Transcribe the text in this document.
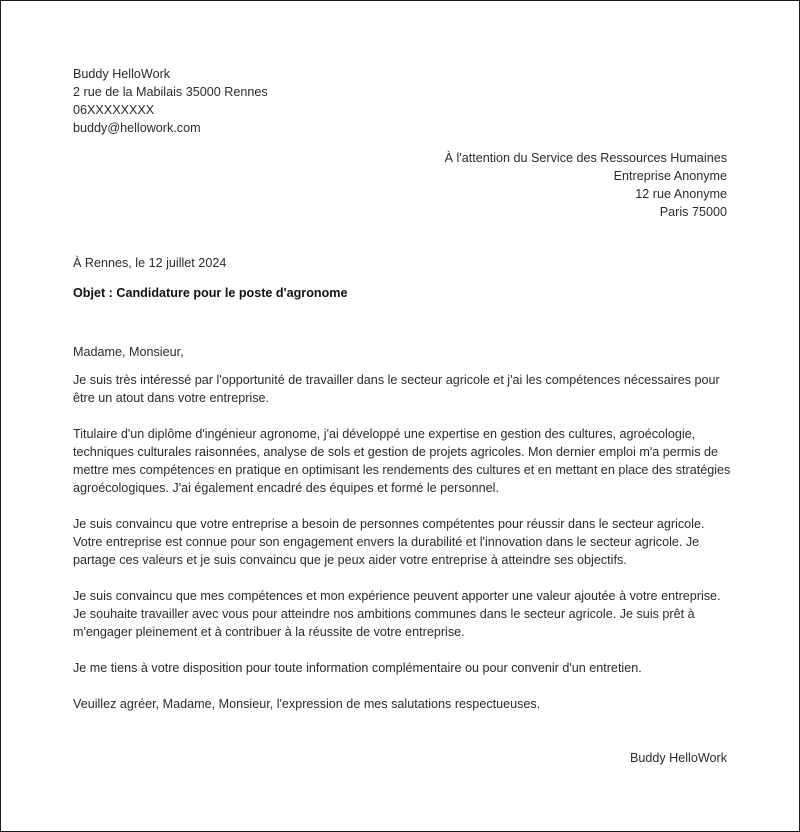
Buddy HelloWork
2 rue de la Mabilais 35000 Rennes
06XXXXXXXX
buddy@hellowork.com
À l'attention du Service des Ressources Humaines
Entreprise Anonyme
12 rue Anonyme
Paris 75000
À Rennes, le 12 juillet 2024
Objet : Candidature pour le poste d'agronome

Madame, Monsieur,

Je suis très intéressé par l'opportunité de travailler dans le secteur agricole et j'ai les compétences nécessaires pour être un atout dans votre entreprise.

Titulaire d'un diplôme d'ingénieur agronome, j'ai développé une expertise en gestion des cultures, agroécologie, techniques culturales raisonnées, analyse de sols et gestion de projets agricoles. Mon dernier emploi m'a permis de mettre mes compétences en pratique en optimisant les rendements des cultures et en mettant en place des stratégies agroécologiques. J'ai également encadré des équipes et formé le personnel.

Je suis convaincu que votre entreprise a besoin de personnes compétentes pour réussir dans le secteur agricole. Votre entreprise est connue pour son engagement envers la durabilité et l'innovation dans le secteur agricole. Je partage ces valeurs et je suis convaincu que je peux aider votre entreprise à atteindre ses objectifs.

Je suis convaincu que mes compétences et mon expérience peuvent apporter une valeur ajoutée à votre entreprise. Je souhaite travailler avec vous pour atteindre nos ambitions communes dans le secteur agricole. Je suis prêt à m'engager pleinement et à contribuer à la réussite de votre entreprise.

Je me tiens à votre disposition pour toute information complémentaire ou pour convenir d'un entretien.

Veuillez agréer, Madame, Monsieur, l'expression de mes salutations respectueuses.

Buddy HelloWork
